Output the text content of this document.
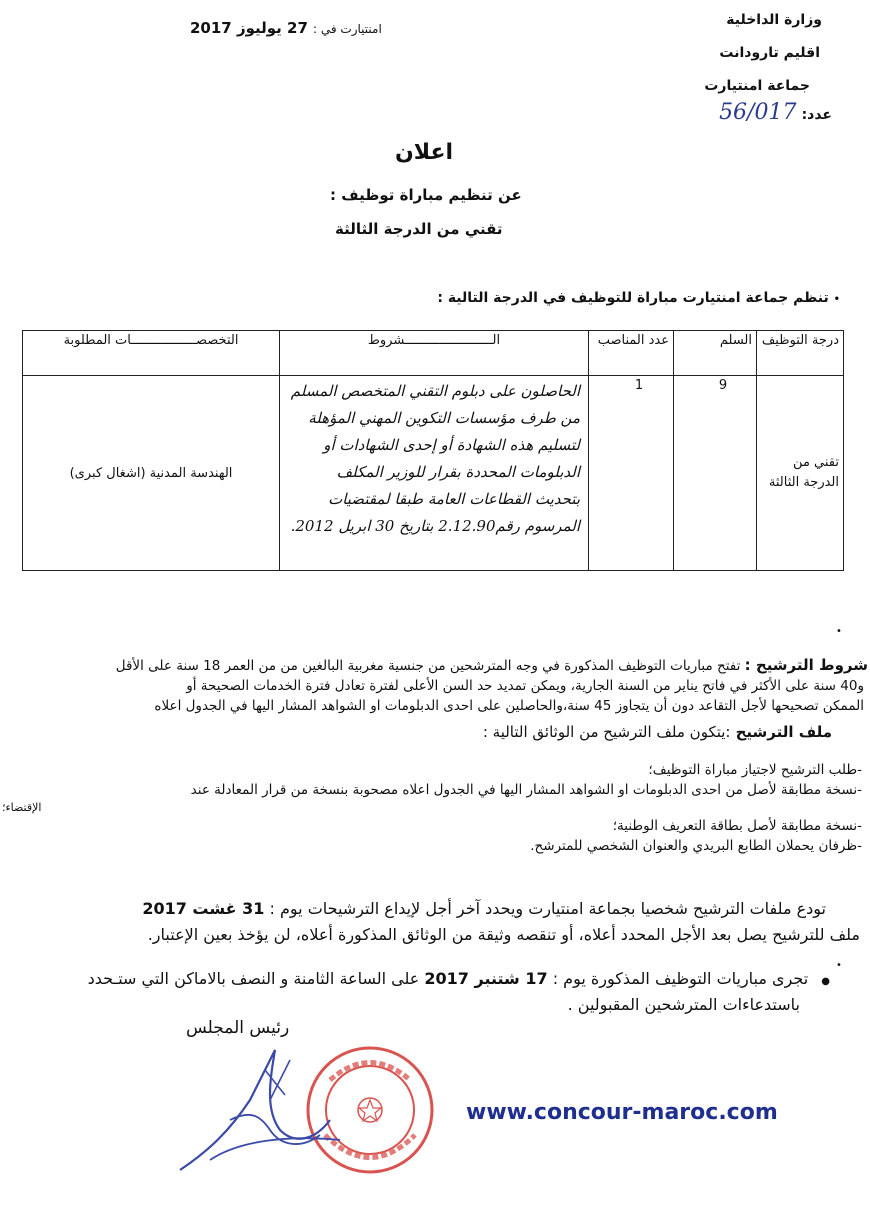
وزارة الداخلية
اقليم تارودانت
جماعة امنتيارت
عدد: 56/017
امنتيارت في : 27 يوليوز 2017
اعلان
عن تنظيم مباراة توظيف :
تقني من الدرجة الثالثة
• تنظم جماعة امنتيارت مباراة للتوظيف في الدرجة التالية :
درجة التوظيف	السلم	عدد المناصب	الـــــــــــــــــــــــشروط	التخصصـــــــــــــــــات المطلوبة
تقني من الدرجة الثالثة	9	1	الحاصلون على دبلوم التقني المتخصص المسلم من طرف مؤسسات التكوين المهني المؤهلة لتسليم هذه الشهادة أو إحدى الشهادات أو الدبلومات المحددة بقرار للوزير المكلف بتحديث القطاعات العامة طبقا لمقتضيات المرسوم رقم2.12.90 بتاريخ 30 ابريل 2012.	الهندسة المدنية (اشغال كبرى)
•
شروط الترشيح : تفتح مباريات التوظيف المذكورة في وجه المترشحين من جنسية مغربية البالغين من من العمر 18 سنة على الأقل
و40 سنة على الأكثر في فاتح يناير من السنة الجارية، ويمكن تمديد حد السن الأعلى لفترة تعادل فترة الخدمات الصحيحة أو
الممكن تصحيحها لأجل التقاعد دون أن يتجاوز 45 سنة،والحاصلين على احدى الدبلومات او الشواهد المشار اليها في الجدول اعلاه
ملف الترشيح :يتكون ملف الترشيح من الوثائق التالية :
-طلب الترشيح لاجتياز مباراة التوظيف؛
-نسخة مطابقة لأصل من احدى الدبلومات او الشواهد المشار اليها في الجدول اعلاه مصحوبة بنسخة من قرار المعادلة عند
الإقتضاء؛
-نسخة مطابقة لأصل بطاقة التعريف الوطنية؛
-ظرفان يحملان الطابع البريدي والعنوان الشخصي للمترشح.
تودع ملفات الترشيح شخصيا بجماعة امنتيارت ويحدد آخر أجل لإيداع الترشيحات يوم : 31 غشت 2017
ملف للترشيح يصل بعد الأجل المحدد أعلاه، أو تنقصه وثيقة من الوثائق المذكورة أعلاه، لن يؤخذ بعين الإعتبار.
•
● تجرى مباريات التوظيف المذكورة يوم : 17 شتنبر 2017 على الساعة الثامنة و النصف بالاماكن التي ستـحدد
باستدعاءات المترشحين المقبولين .
رئيس المجلس
www.concour-maroc.com
